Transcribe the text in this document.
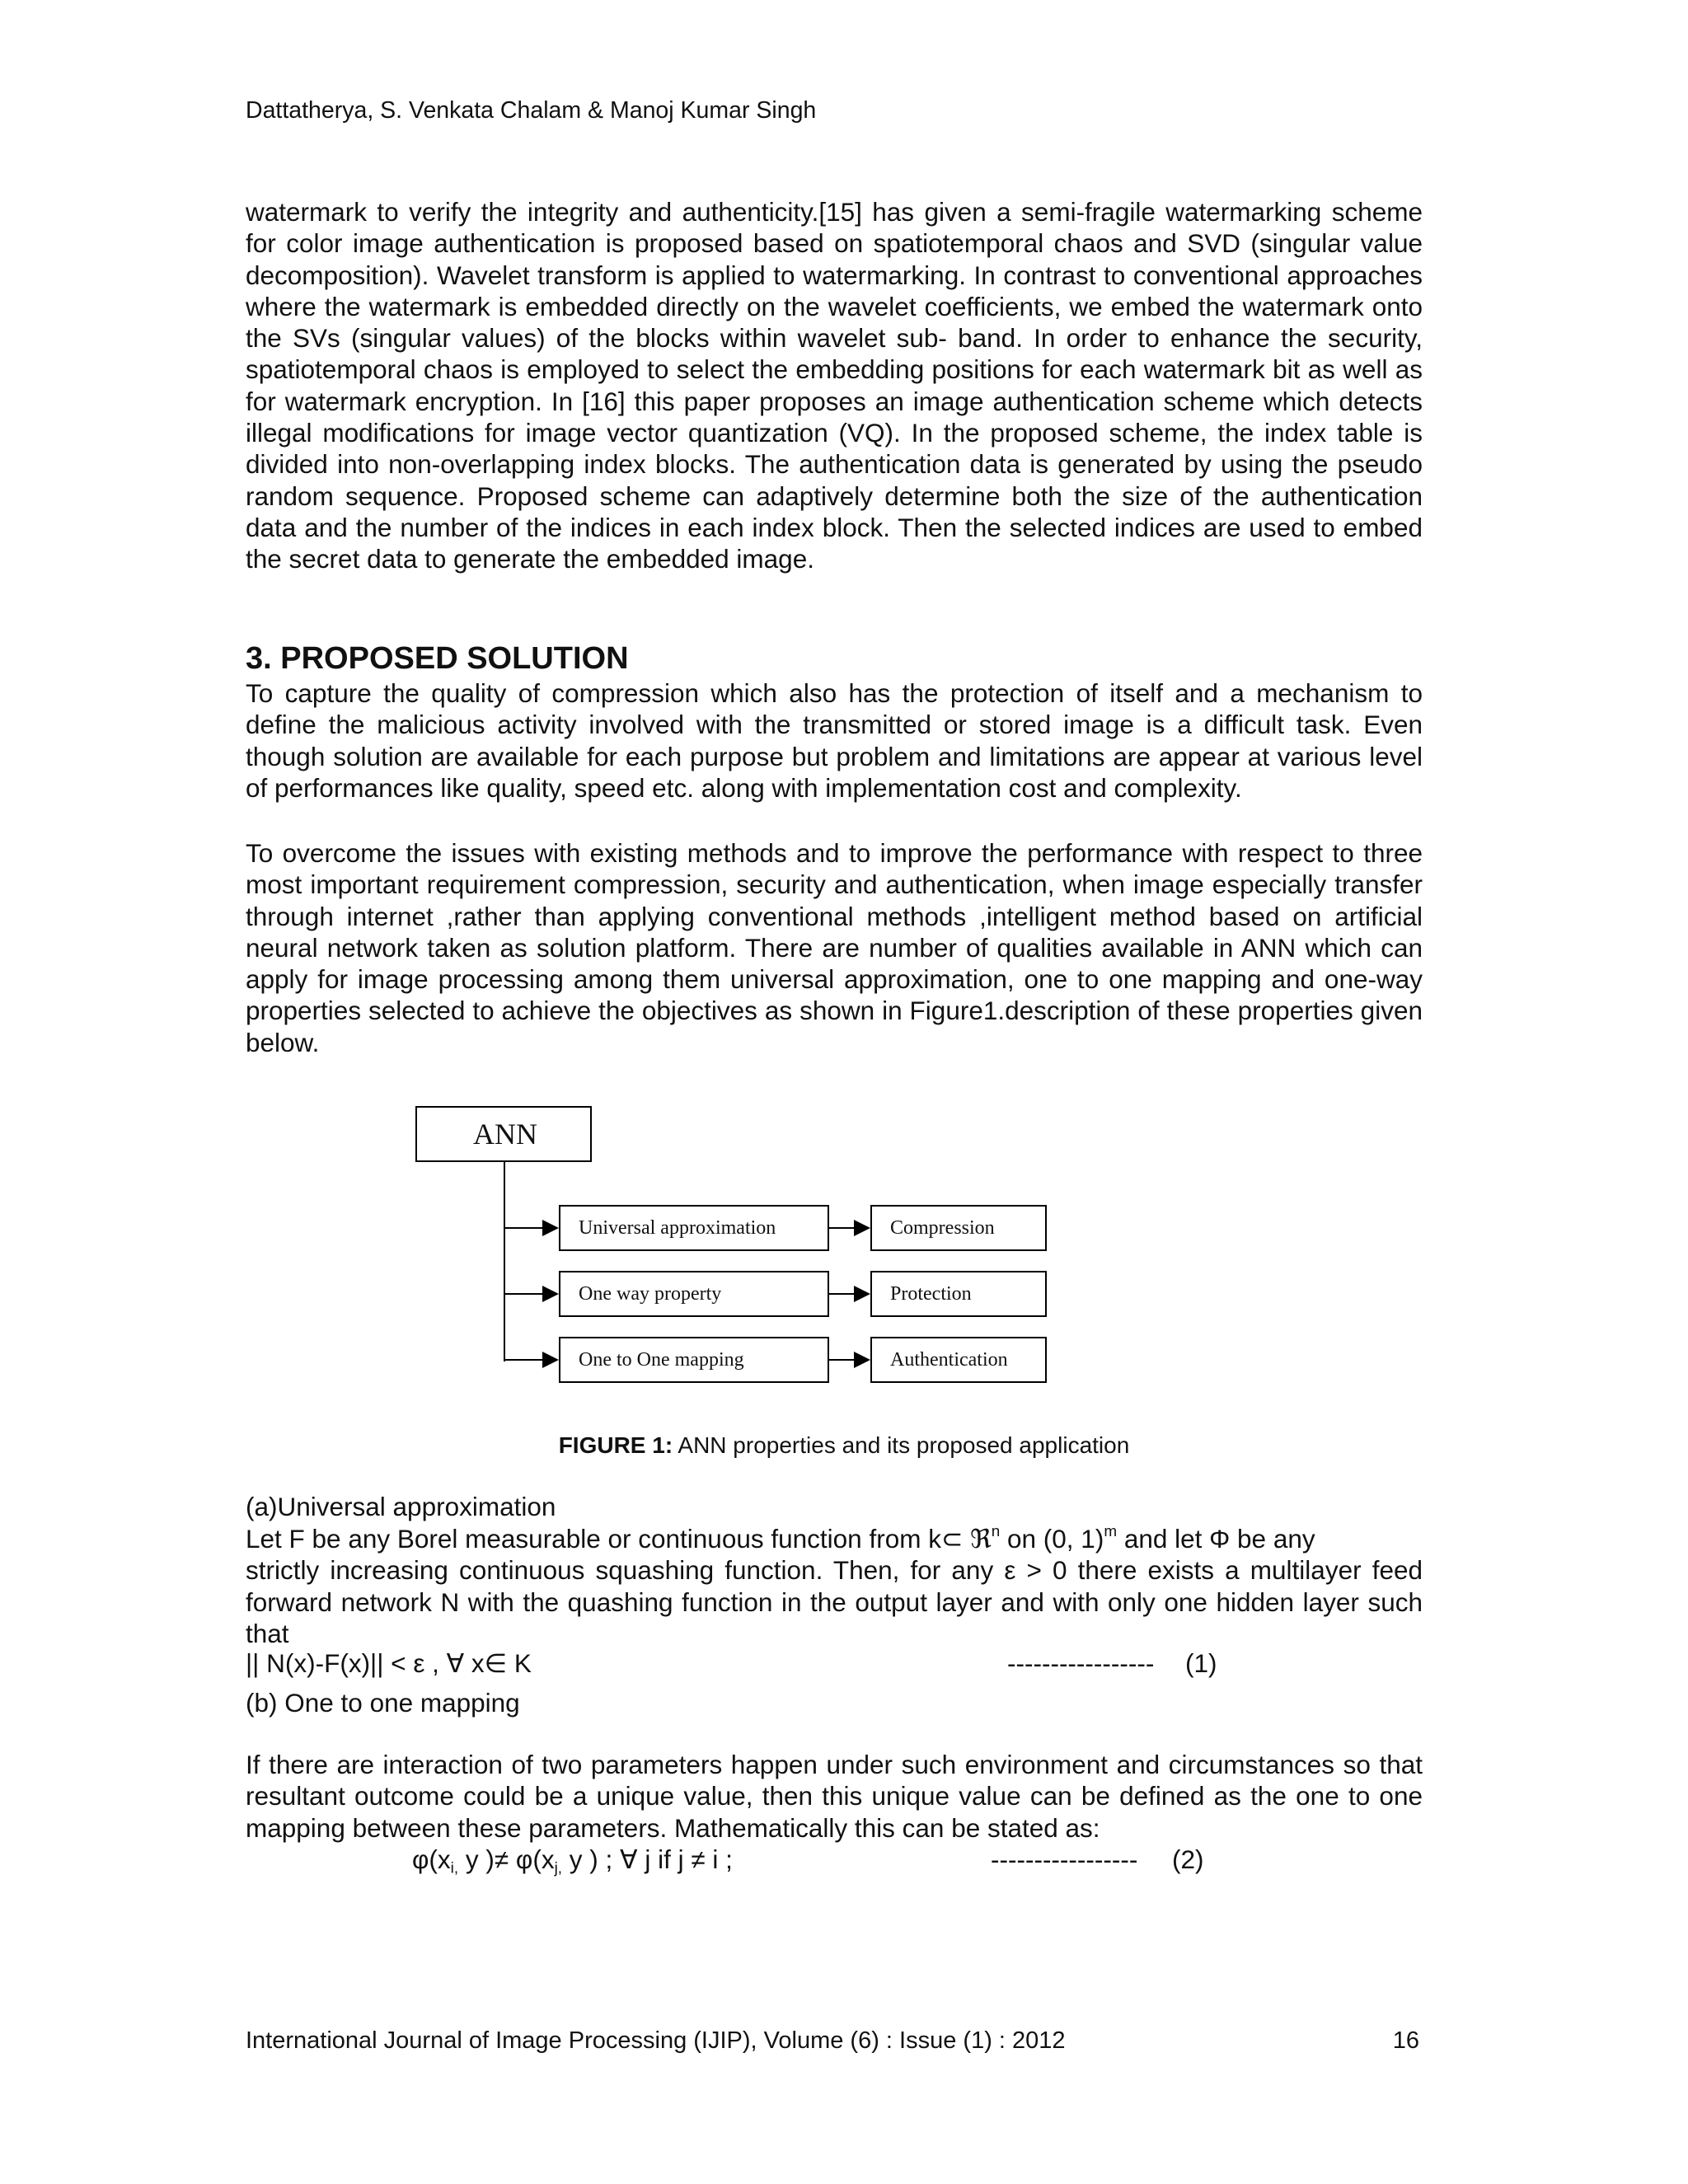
Dattatherya, S. Venkata Chalam & Manoj Kumar Singh

watermark to verify the integrity and authenticity.[15] has given a semi-fragile watermarking scheme for color image authentication is proposed based on spatiotemporal chaos and SVD (singular value decomposition). Wavelet transform is applied to watermarking. In contrast to conventional approaches where the watermark is embedded directly on the wavelet coefficients, we embed the watermark onto the SVs (singular values) of the blocks within wavelet sub- band. In order to enhance the security, spatiotemporal chaos is employed to select the embedding positions for each watermark bit as well as for watermark encryption. In [16] this paper proposes an image authentication scheme which detects illegal modifications for image vector quantization (VQ). In the proposed scheme, the index table is divided into non-overlapping index blocks. The authentication data is generated by using the pseudo random sequence. Proposed scheme can adaptively determine both the size of the authentication data and the number of the indices in each index block. Then the selected indices are used to embed the secret data to generate the embedded image.

3. PROPOSED SOLUTION

To capture the quality of compression which also has the protection of itself and a mechanism to define the malicious activity involved with the transmitted or stored image is a difficult task. Even though solution are available for each purpose but problem and limitations are appear at various level of performances like quality, speed etc. along with implementation cost and complexity.

To overcome the issues with existing methods and to improve the performance with respect to three most important requirement compression, security and authentication, when image especially transfer through internet ,rather than applying conventional methods ,intelligent method based on artificial neural network taken as solution platform. There are number of qualities available in ANN which can apply for image processing among them universal approximation, one to one mapping and one-way properties selected to achieve the objectives as shown in Figure1.description of these properties given below.

ANN
Universal approximation
One way property
One to One mapping
Compression
Protection
Authentication
FIGURE 1: ANN properties and its proposed application

(a)Universal approximation

Let F be any Borel measurable or continuous function from k⊂ ℜ$^n$ on (0, 1)$^m$ and let Φ be any
strictly increasing continuous squashing function. Then, for any ε > 0 there exists a multilayer feed forward network N with the quashing function in the output layer and with only one hidden layer such that
|| N(x)-F(x)|| < ε , ∀ x∈ K	----------------- (1)

(b) One to one mapping

If there are interaction of two parameters happen under such environment and circumstances so that resultant outcome could be a unique value, then this unique value can be defined as the one to one mapping between these parameters. Mathematically this can be stated as:

$\varphi(x_{i,}$ y )≠ $\varphi(x_{j,}$ y ) ; ∀ j if j ≠ i ;	----------------- (2)
International Journal of Image Processing (IJIP), Volume (6) : Issue (1) : 2012	16
